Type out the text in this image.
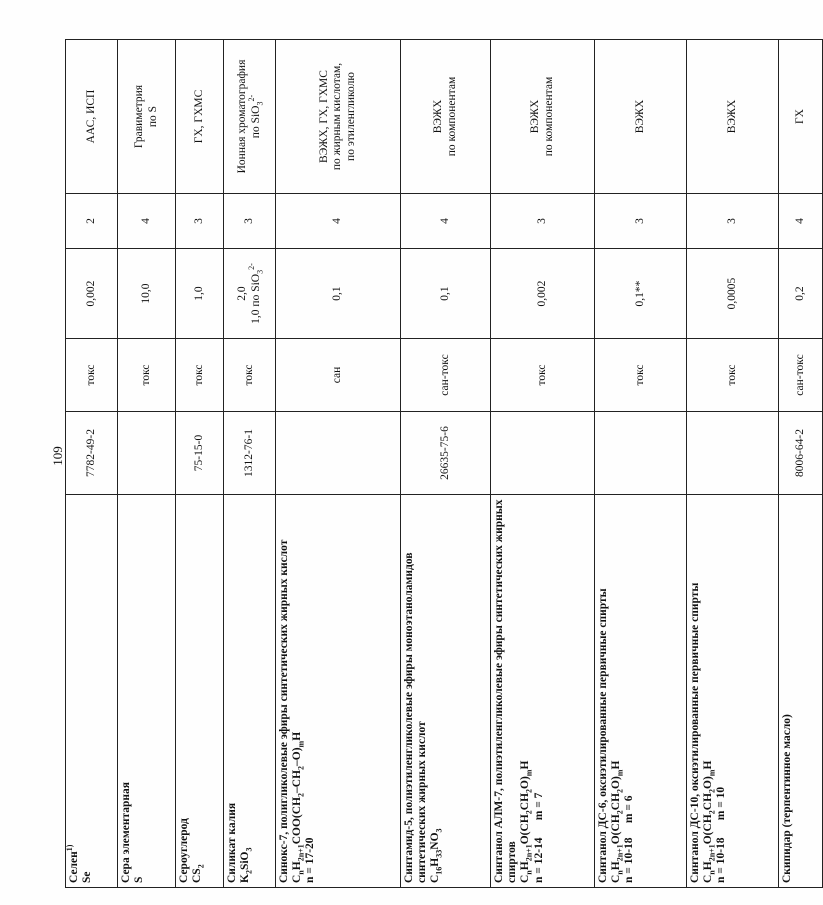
109
Селен$^{1)}$
Se	7782-49-2	токс	0,002	2	ААС, ИСП

Сера элементарная S		токс	10,0	4	Гравиметрия
по S

Сероуглерод $CS_2$	75-15-0	токс	1,0	3	ГХ, ГХМС

Силикат калия $K_2SiO_3$	1312-76-1	токс	2,0
1,0 по SiO$_3^{2-}$	3	Ионная хроматография
по SiO$_3^{2-}$

Синокс-7, полигликолевые эфиры синтетических жирных кислот $C_nH_{2n+1}COO(CH_2-CH_2-O)_mH$
n = 17-20		сан	0,1	4	ВЭЖХ, ГХ, ГХМС
по жирным кислотам,
по этиленгликолю

Синтамид-5, полиэтиленгликолевые эфиры моноэтаноламидов синтетических жирных кислот $C_{16}H_{33}NO_3$	26635-75-6	сан-токс	0,1	4	ВЭЖХ
по компонентам

Синтанол АЛМ-7, полиэтиленгликолевые эфиры синтетических жирных спиртов $C_nH_{2n+1}O(CH_2CH_2O)_mH$
n = 12-14      m = 7		токс	0,002	3	ВЭЖХ
по компонентам

Синтанол ДС-6, оксиэтилированные первичные спирты $C_nH_{2n+1}O(CH_2CH_2O)_mH$
n = 10-18     m = 6		токс	0,1**	3	ВЭЖХ

Синтанол ДС-10, оксиэтилированные первичные спирты $C_nH_{2n+1}O(CH_2CH_2O)_mH$
n = 10-18      m = 10		токс	0,0005	3	ВЭЖХ

Скипидар (терпентинное масло)	8006-64-2	сан-токс	0,2	4	ГХ
